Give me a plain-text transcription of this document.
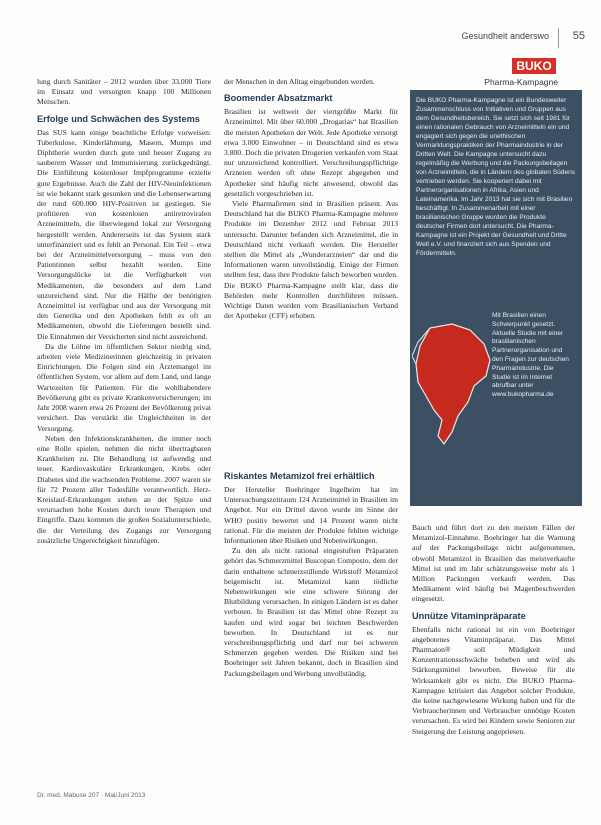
Gesundheit anderswo 55

lung durch Sanitäter – 2012 wurden über 33.000 Tiere im Einsatz und versorgten knapp 100 Millionen Menschen.

Erfolge und Schwächen des Systems

Das SUS kann einige beachtliche Erfolge vorweisen: Tuberkulose, Kinderlähmung, Masern, Mumps und Diphtherie wurden durch gute und besser Zugang zu sauberem Wasser und Immunisierung zurückgedrängt. Die Einführung kostenloser Impfprogramme erzielte gute Ergebnisse. Auch die Zahl der HIV-Neuinfektionen ist wie bekannt stark gesunken und die Lebenserwartung der rund 600.000 HIV-Positiven ist gestiegen. Sie profitieren von kostenlosen antiretroviralen Arzneimitteln, die überwiegend lokal zur Versorgung hergestellt werden. Andererseits ist das System stark unterfinanziert und es fehlt an Personal. Ein Teil – etwa bei der Arzneimittelversorgung – muss von den Patientinnen selbst bezahlt werden. Eine Versorgungslücke ist die Verfügbarkeit von Medikamenten, die besonders auf dem Land unzureichend sind. Nur die Hälfte der benötigten Arzneimittel ist verfügbar und aus der Versorgung mit den Generika und den Apotheken fehlt es oft an Medikamenten, obwohl die Lieferungen bestellt sind. Die Einnahmen der Versicherten sind nicht ausreichend.

Da die Löhne im öffentlichen Sektor niedrig sind, arbeiten viele Medizinerinnen gleichzeitig in privaten Einrichtungen. Die Folgen sind ein Ärztemangel im öffentlichen System, vor allem auf dem Land, und lange Wartezeiten für Patienten. Für die wohlhabendere Bevölkerung gibt es private Krankenversicherungen; im Jahr 2008 waren etwa 26 Prozent der Bevölkerung privat versichert. Das verstärkt die Ungleichheiten in der Versorgung.

Neben den Infektionskrankheiten, die immer noch eine Rolle spielen, nehmen die nicht übertragbaren Krankheiten zu. Die Behandlung ist aufwendig und teuer. Kardiovaskuläre Erkrankungen, Krebs oder Diabetes sind die wachsenden Probleme. 2007 waren sie für 72 Prozent aller Todesfälle verantwortlich. Herz-Kreislauf-Erkrankungen stehen an der Spitze und verursachen hohe Kosten durch teure Therapien und Eingriffe. Dazu kommen die großen Sozialunterschiede, die der Verteilung des Zugangs zur Versorgung zusätzliche Ungerechtigkeit hinzufügen.

der Menschen in den Alltag eingebunden werden.

Boomender Absatzmarkt

Brasilien ist weltweit der viertgrößte Markt für Arzneimittel. Mit über 60.000 „Drogarias“ hat Brasilien die meisten Apotheken der Welt. Jede Apotheke versorgt etwa 3.000 Einwohner – in Deutschland sind es etwa 3.800. Doch die privaten Drogerien verkaufen vom Staat nur unzureichend kontrolliert. Verschreibungspflichtige Arzneien werden oft ohne Rezept abgegeben und Apotheker sind häufig nicht anwesend, obwohl das gesetzlich vorgeschrieben ist.

Viele Pharmafirmen sind in Brasilien präsent. Aus Deutschland hat die BUKO Pharma-Kampagne mehrere Produkte im Dezember 2012 und Februar 2013 untersucht. Darunter befanden sich Arzneimittel, die in Deutschland nicht verkauft werden. Die Hersteller stellten die Mittel als „Wunderarzneien“ dar und die Informationen waren unvollständig. Einige der Firmen stellten fest, dass ihre Produkte falsch beworben wurden. Die BUKO Pharma-Kampagne stellt klar, dass die Behörden mehr Kontrollen durchführen müssen. Wichtige Daten wurden vom Brasilianischen Verband der Apotheker (CFF) erhoben.

Riskantes Metamizol frei erhältlich

Der Hersteller Boehringer Ingelheim hat im Untersuchungszeitraum 124 Arzneimittel in Brasilien im Angebot. Nur ein Drittel davon wurde im Sinne der WHO positiv bewertet und 14 Prozent waren nicht rational. Für die meisten der Produkte fehlten wichtige Informationen über Risiken und Nebenwirkungen.

Zu den als nicht rational eingestuften Präparaten gehört das Schmerzmittel Buscopan Composto, dem der darin enthaltene schmerzstillende Wirkstoff Metamizol beigemischt ist. Metamizol kann tödliche Nebenwirkungen wie eine schwere Störung der Blutbildung verursachen. In einigen Ländern ist es daher verboten. In Brasilien ist das Mittel ohne Rezept zu kaufen und wird sogar bei leichten Beschwerden beworben. In Deutschland ist es nur verschreibungspflichtig und darf nur bei schweren Schmerzen gegeben werden. Die Risiken sind bei Boehringer seit Jahren bekannt, doch in Brasilien sind Packungsbeilagen und Werbung unvollständig.

BUKO
Pharma-Kampagne

Die BUKO Pharma-Kampagne ist ein Bundesweiter Zusammenschluss von Initiativen und Gruppen aus dem Gesundheitsbereich. Sie setzt sich seit 1981 für einen rationalen Gebrauch von Arzneimitteln ein und engagiert sich gegen die unethischen Vermarktungspraktiken der Pharmaindustrie in der Dritten Welt. Die Kampagne untersucht dazu regelmäßig die Werbung und die Packungsbeilagen von Arzneimitteln, die in Ländern des globalen Südens vertrieben werden. Sie kooperiert dabei mit Partnerorganisationen in Afrika, Asien und Lateinamerika. Im Jahr 2013 hat sie sich mit Brasilien beschäftigt. In Zusammenarbeit mit einer brasilianischen Gruppe wurden die Produkte deutscher Firmen dort untersucht. Die Pharma-Kampagne ist ein Projekt der Gesundheit und Dritte Welt e.V. und finanziert sich aus Spenden und Fördermitteln.

Mit Brasilien einen Schwerpunkt gesetzt. Aktuelle Studie mit einer brasilianischen Partnerorganisation und den Fragen zur deutschen Pharmaindustrie. Die Studie ist im Internet abrufbar unter www.bukopharma.de

Bauch und führt dort zu den meisten Fällen der Metamizol-Einnahme. Boehringer hat die Warnung auf der Packungsbeilage nicht aufgenommen, obwohl Metamizol in Brasilien das meistverkaufte Mittel ist und im Jahr schätzungsweise mehr als 1 Million Packungen verkauft werden. Das Medikament wird häufig bei Magenbeschwerden eingesetzt.

Unnütze Vitaminpräparate

Ebenfalls nicht rational ist ein von Boehringer angebotenes Vitaminpräparat. Das Mittel Pharmaton® soll Müdigkeit und Konzentrationsschwäche beheben und wird als Stärkungsmittel beworben. Beweise für die Wirksamkeit gibt es nicht. Die BUKO Pharma-Kampagne kritisiert das Angebot solcher Produkte, die keine nachgewiesene Wirkung haben und für die Verbraucherinnen und Verbraucher unnötige Kosten verursachen. Es wird bei Kindern sowie Senioren zur Steigerung der Leistung angepriesen.

Dr. med. Mabuse 207 · Mai/Juni 2013
